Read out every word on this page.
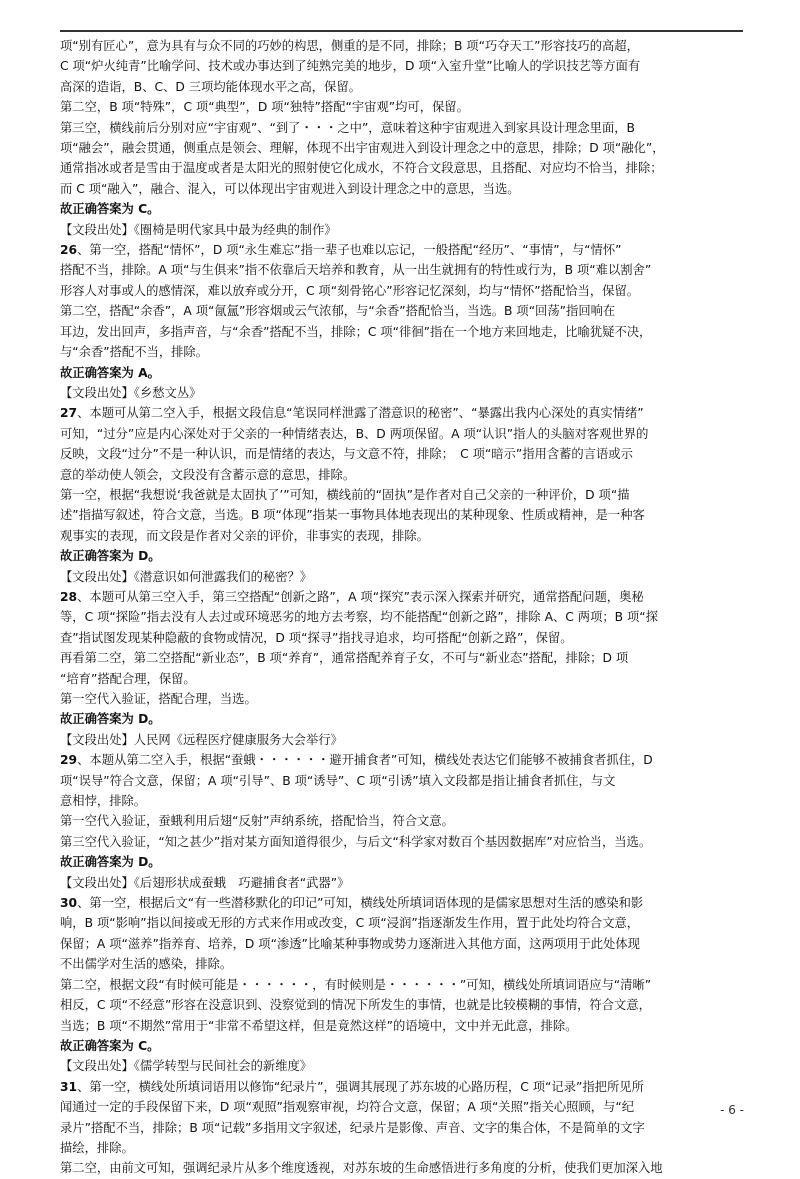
项“别有匠心”，意为具有与众不同的巧妙的构思，侧重的是不同，排除；B 项“巧夺天工”形容技巧的高超，

C 项“炉火纯青”比喻学问、技术或办事达到了纯熟完美的地步，D 项“入室升堂”比喻人的学识技艺等方面有

高深的造诣，B、C、D 三项均能体现水平之高，保留。

第二空，B 项“特殊”，C 项“典型”，D 项“独特”搭配“宇宙观”均可，保留。

第三空，横线前后分别对应“宇宙观”、“到了・・・之中”，意味着这种宇宙观进入到家具设计理念里面，B

项“融会”，融会贯通，侧重点是领会、理解，体现不出宇宙观进入到设计理念之中的意思，排除；D 项“融化”，

通常指冰或者是雪由于温度或者是太阳光的照射使它化成水，不符合文段意思，且搭配、对应均不恰当，排除；

而 C 项“融入”，融合、混入，可以体现出宇宙观进入到设计理念之中的意思，当选。

故正确答案为 C。

【文段出处】《圈椅是明代家具中最为经典的制作》

26、第一空，搭配“情怀”，D 项“永生难忘”指一辈子也难以忘记，一般搭配“经历”、“事情”，与“情怀”

搭配不当，排除。A 项“与生俱来”指不依靠后天培养和教育，从一出生就拥有的特性或行为，B 项“难以割舍”

形容人对事或人的感情深，难以放弃或分开，C 项“刻骨铭心”形容记忆深刻，均与“情怀”搭配恰当，保留。

第二空，搭配“余香”，A 项“氤氲”形容烟或云气浓郁，与“余香”搭配恰当，当选。B 项“回荡”指回响在

耳边，发出回声，多指声音，与“余香”搭配不当，排除；C 项“徘徊”指在一个地方来回地走，比喻犹疑不决，

与“余香”搭配不当，排除。

故正确答案为 A。

【文段出处】《乡愁文丛》

27、本题可从第二空入手，根据文段信息“笔误同样泄露了潜意识的秘密”、“暴露出我内心深处的真实情绪”

可知，“过分”应是内心深处对于父亲的一种情绪表达，B、D 两项保留。A 项“认识”指人的头脑对客观世界的

反映，文段“过分”不是一种认识，而是情绪的表达，与文意不符，排除；　C 项“暗示”指用含蓄的言语或示

意的举动使人领会，文段没有含蓄示意的意思，排除。

第一空，根据“我想说‘我爸就是太固执了’”可知，横线前的“固执”是作者对自己父亲的一种评价，D 项“描

述”指描写叙述，符合文意，当选。B 项“体现”指某一事物具体地表现出的某种现象、性质或精神，是一种客

观事实的表现，而文段是作者对父亲的评价，非事实的表现，排除。

故正确答案为 D。

【文段出处】《潜意识如何泄露我们的秘密？》

28、本题可从第三空入手，第三空搭配“创新之路”，A 项“探究”表示深入探索并研究，通常搭配问题，奥秘

等，C 项“探险”指去没有人去过或环境恶劣的地方去考察，均不能搭配“创新之路”，排除 A、C 两项；B 项“探

查”指试图发现某种隐蔽的食物或情况，D 项“探寻”指找寻追求，均可搭配“创新之路”，保留。

再看第二空，第二空搭配“新业态”，B 项“养育”，通常搭配养育子女，不可与“新业态”搭配，排除；D 项

“培育”搭配合理，保留。

第一空代入验证，搭配合理，当选。

故正确答案为 D。

【文段出处】人民网《远程医疗健康服务大会举行》

29、本题从第二空入手，根据“蚕蛾・・・・・・避开捕食者”可知，横线处表达它们能够不被捕食者抓住，D

项“误导”符合文意，保留；A 项“引导”、B 项“诱导”、C 项“引诱”填入文段都是指让捕食者抓住，与文

意相悖，排除。

第一空代入验证，蚕蛾利用后翅“反射”声纳系统，搭配恰当，符合文意。

第三空代入验证，“知之甚少”指对某方面知道得很少，与后文“科学家对数百个基因数据库”对应恰当，当选。

故正确答案为 D。

【文段出处】《后翅形状成蚕蛾　巧避捕食者“武器”》

30、第一空，根据后文“有一些潜移默化的印记”可知，横线处所填词语体现的是儒家思想对生活的感染和影

响，B 项“影响”指以间接或无形的方式来作用或改变，C 项“浸润”指逐渐发生作用，置于此处均符合文意，

保留；A 项“滋养”指养育、培养，D 项“渗透”比喻某种事物或势力逐渐进入其他方面，这两项用于此处体现

不出儒学对生活的感染，排除。

第二空，根据文段“有时候可能是・・・・・・，有时候则是・・・・・・”可知，横线处所填词语应与“清晰”

相反，C 项“不经意”形容在没意识到、没察觉到的情况下所发生的事情，也就是比较模糊的事情，符合文意，

当选；B 项“不期然”常用于“非常不希望这样，但是竟然这样”的语境中，文中并无此意，排除。

故正确答案为 C。

【文段出处】《儒学转型与民间社会的新维度》

31、第一空，横线处所填词语用以修饰“纪录片”，强调其展现了苏东坡的心路历程，C 项“记录”指把所见所

闻通过一定的手段保留下来，D 项“观照”指观察审视，均符合文意，保留；A 项“关照”指关心照顾，与“纪

录片”搭配不当，排除；B 项“记载”多指用文字叙述，纪录片是影像、声音、文字的集合体，不是简单的文字

描绘，排除。

第二空，由前文可知，强调纪录片从多个维度透视，对苏东坡的生命感悟进行多角度的分析，使我们更加深入地

- 6 -
